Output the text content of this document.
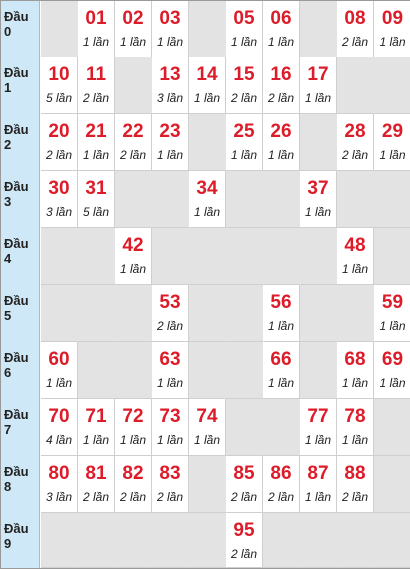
Đầu
0
01
1 lần
02
1 lần
03
1 lần
05
1 lần
06
1 lần
08
2 lần
09
1 lần
Đầu
1
10
5 lần
11
2 lần
13
3 lần
14
1 lần
15
2 lần
16
2 lần
17
1 lần
Đầu
2
20
2 lần
21
1 lần
22
2 lần
23
1 lần
25
1 lần
26
1 lần
28
2 lần
29
1 lần
Đầu
3
30
3 lần
31
5 lần
34
1 lần
37
1 lần
Đầu
4
42
1 lần
48
1 lần
Đầu
5
53
2 lần
56
1 lần
59
1 lần
Đầu
6
60
1 lần
63
1 lần
66
1 lần
68
1 lần
69
1 lần
Đầu
7
70
4 lần
71
1 lần
72
1 lần
73
1 lần
74
1 lần
77
1 lần
78
1 lần
Đầu
8
80
3 lần
81
2 lần
82
2 lần
83
2 lần
85
2 lần
86
2 lần
87
1 lần
88
2 lần
Đầu
9
95
2 lần
